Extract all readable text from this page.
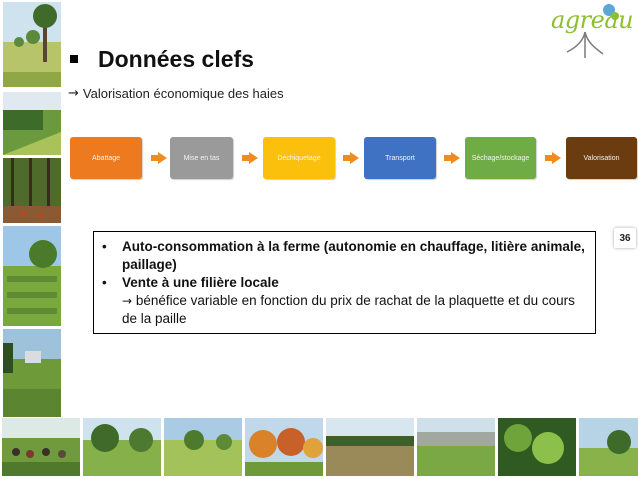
agreau
Données clefs
→ Valorisation économique des haies
Abattage	Mise en tas	Déchiquetage	Transport	Séchage/stockage	Valorisation
36
•	Auto-consommation à la ferme (autonomie en chauffage, litière animale, paillage)
•	Vente à une filière locale
→ bénéfice variable en fonction du prix de rachat de la plaquette et du cours de la paille
